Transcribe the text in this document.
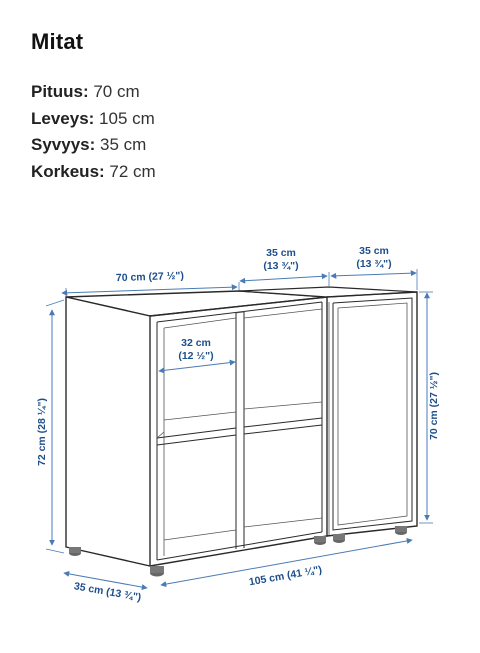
Mitat
Pituus: 70 cm
Leveys: 105 cm
Syvyys: 35 cm
Korkeus: 72 cm
70 cm (27 ½")
35 cm
(13 ¾")
35 cm
(13 ¾")
32 cm
(12 ½")
72 cm (28 ¼")	70 cm (27 ½")
35 cm (13 ¾")
105 cm (41 ¼")
